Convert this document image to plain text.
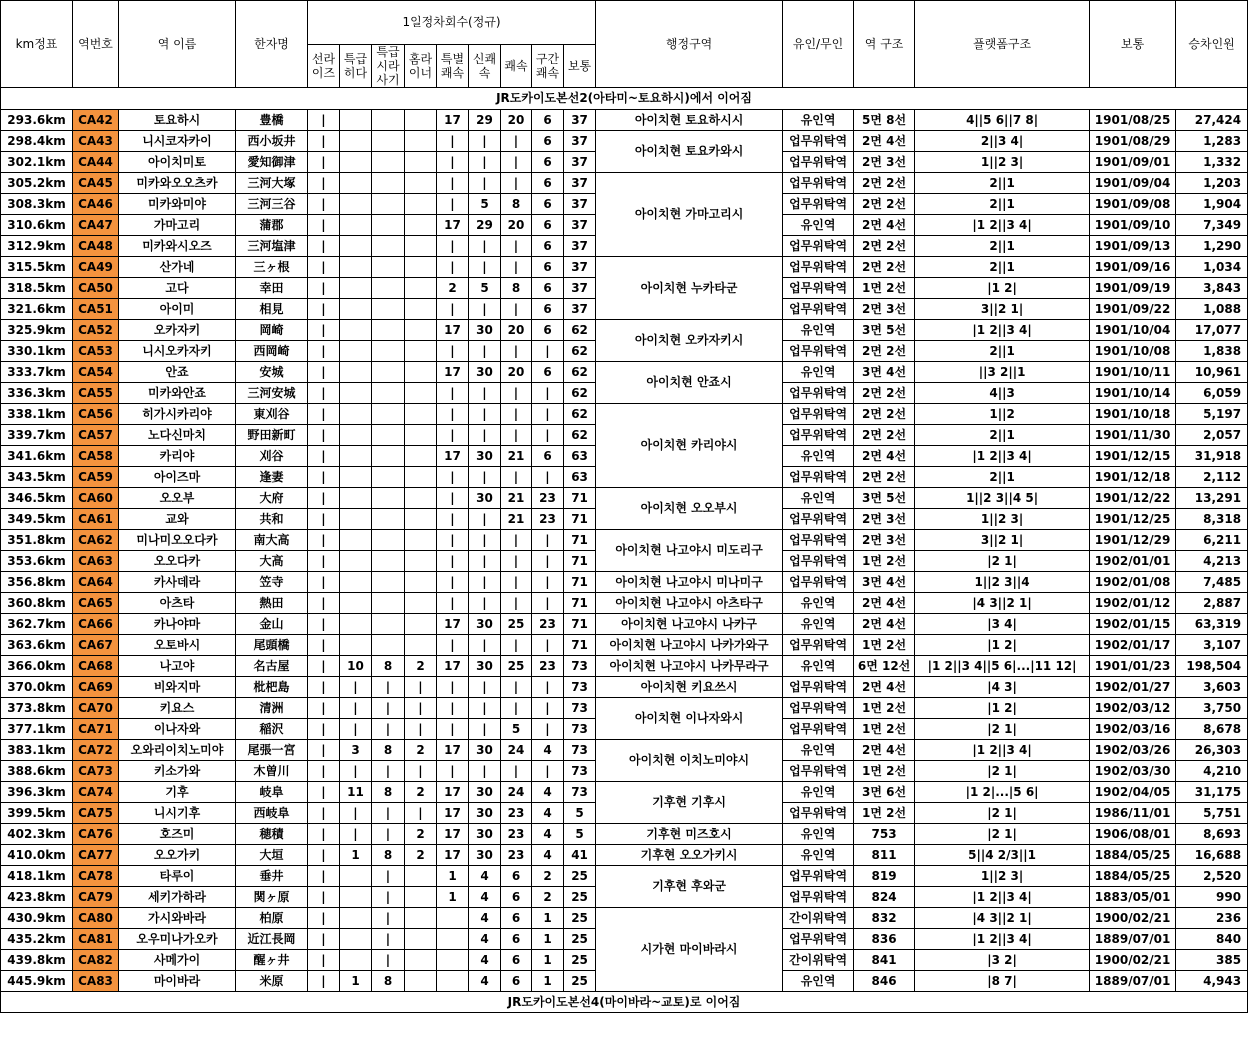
km정표	역번호	역 이름	한자명	1일정차회수(정규)									행정구역	유인/무인	역 구조	플랫폼구조	보통	승차인원
				선라이즈	특급히다	특급시라사기	홈라이너	특별쾌속	신쾌속	쾌속	구간쾌속	보통						
JR도카이도본선2(아타미~토요하시)에서 이어짐																		
293.6km	CA42	토요하시	豊橋	|				17	29	20	6	37	아이치현 토요하시시	유인역	5면 8선	4||5 6||7 8|	1901/08/25	27,424
298.4km	CA43	니시코자카이	西小坂井	|				|	|	|	6	37	아이치현 토요카와시	업무위탁역	2면 4선	2||3 4|	1901/08/29	1,283
302.1km	CA44	아이치미토	愛知御津	|				|	|	|	6	37		업무위탁역	2면 3선	1||2 3|	1901/09/01	1,332
305.2km	CA45	미카와오오츠카	三河大塚	|				|	|	|	6	37	아이치현 가마고리시	업무위탁역	2면 2선	2||1	1901/09/04	1,203
308.3km	CA46	미카와미야	三河三谷	|				|	5	8	6	37		업무위탁역	2면 2선	2||1	1901/09/08	1,904
310.6km	CA47	가마고리	蒲郡	|				17	29	20	6	37		유인역	2면 4선	|1 2||3 4|	1901/09/10	7,349
312.9km	CA48	미카와시오즈	三河塩津	|				|	|	|	6	37		업무위탁역	2면 2선	2||1	1901/09/13	1,290
315.5km	CA49	산가네	三ヶ根	|				|	|	|	6	37	아이치현 누카타군	업무위탁역	2면 2선	2||1	1901/09/16	1,034
318.5km	CA50	고다	幸田	|				2	5	8	6	37		업무위탁역	1면 2선	|1 2|	1901/09/19	3,843
321.6km	CA51	아이미	相見	|				|	|	|	6	37		업무위탁역	2면 3선	3||2 1|	1901/09/22	1,088
325.9km	CA52	오카자키	岡崎	|				17	30	20	6	62	아이치현 오카자키시	유인역	3면 5선	|1 2||3 4|	1901/10/04	17,077
330.1km	CA53	니시오카자키	西岡崎	|				|	|	|	|	62		업무위탁역	2면 2선	2||1	1901/10/08	1,838
333.7km	CA54	안죠	安城	|				17	30	20	6	62	아이치현 안죠시	유인역	3면 4선	||3 2||1	1901/10/11	10,961
336.3km	CA55	미카와안죠	三河安城	|				|	|	|	|	62		업무위탁역	2면 2선	4||3	1901/10/14	6,059
338.1km	CA56	히가시카리야	東刈谷	|				|	|	|	|	62	아이치현 카리야시	업무위탁역	2면 2선	1||2	1901/10/18	5,197
339.7km	CA57	노다신마치	野田新町	|				|	|	|	|	62		업무위탁역	2면 2선	2||1	1901/11/30	2,057
341.6km	CA58	카리야	刈谷	|				17	30	21	6	63		유인역	2면 4선	|1 2||3 4|	1901/12/15	31,918
343.5km	CA59	아이즈마	逢妻	|				|	|	|	|	63		업무위탁역	2면 2선	2||1	1901/12/18	2,112
346.5km	CA60	오오부	大府	|				|	30	21	23	71	아이치현 오오부시	유인역	3면 5선	1||2 3||4 5|	1901/12/22	13,291
349.5km	CA61	교와	共和	|				|	|	21	23	71		업무위탁역	2면 3선	1||2 3|	1901/12/25	8,318
351.8km	CA62	미나미오오다카	南大高	|				|	|	|	|	71	아이치현 나고야시 미도리구	업무위탁역	2면 3선	3||2 1|	1901/12/29	6,211
353.6km	CA63	오오다카	大高	|				|	|	|	|	71		업무위탁역	1면 2선	|2 1|	1902/01/01	4,213
356.8km	CA64	카사데라	笠寺	|				|	|	|	|	71	아이치현 나고야시 미나미구	업무위탁역	3면 4선	1||2 3||4	1902/01/08	7,485
360.8km	CA65	아츠타	熱田	|				|	|	|	|	71	아이치현 나고야시 아츠타구	유인역	2면 4선	|4 3||2 1|	1902/01/12	2,887
362.7km	CA66	카나야마	金山	|				17	30	25	23	71	아이치현 나고야시 나카구	유인역	2면 4선	|3 4|	1902/01/15	63,319
363.6km	CA67	오토바시	尾頭橋	|				|	|	|	|	71	아이치현 나고야시 나카가와구	업무위탁역	1면 2선	|1 2|	1902/01/17	3,107
366.0km	CA68	나고야	名古屋	|	10	8	2	17	30	25	23	73	아이치현 나고야시 나카무라구	유인역	6면 12선	|1 2||3 4||5 6|...|11 12|	1901/01/23	198,504
370.0km	CA69	비와지마	枇杷島	|	|	|	|	|	|	|	|	73	아이치현 키요쓰시	업무위탁역	2면 4선	|4 3|	1902/01/27	3,603
373.8km	CA70	키요스	清洲	|	|	|	|	|	|	|	|	73	아이치현 이나자와시	업무위탁역	1면 2선	|1 2|	1902/03/12	3,750
377.1km	CA71	이나자와	稲沢	|	|	|	|	|	|	5	|	73		업무위탁역	1면 2선	|2 1|	1902/03/16	8,678
383.1km	CA72	오와리이치노미야	尾張一宮	|	3	8	2	17	30	24	4	73	아이치현 이치노미야시	유인역	2면 4선	|1 2||3 4|	1902/03/26	26,303
388.6km	CA73	키소가와	木曽川	|	|	|	|	|	|	|	|	73		업무위탁역	1면 2선	|2 1|	1902/03/30	4,210
396.3km	CA74	기후	岐阜	|	11	8	2	17	30	24	4	73	기후현 기후시	유인역	3면 6선	|1 2|...|5 6|	1902/04/05	31,175
399.5km	CA75	니시기후	西岐阜	|	|	|	|	17	30	23	4	5		업무위탁역	1면 2선	|2 1|	1986/11/01	5,751
402.3km	CA76	호즈미	穂積	|	|	|	2	17	30	23	4	5	기후현 미즈호시	유인역	753	|2 1|	1906/08/01	8,693
410.0km	CA77	오오가키	大垣	|	1	8	2	17	30	23	4	41	기후현 오오가키시	유인역	811	5||4 2/3||1	1884/05/25	16,688
418.1km	CA78	타루이	垂井	|		|		1	4	6	2	25	기후현 후와군	업무위탁역	819	1||2 3|	1884/05/25	2,520
423.8km	CA79	세키가하라	関ヶ原	|		|		1	4	6	2	25		업무위탁역	824	|1 2||3 4|	1883/05/01	990
430.9km	CA80	가시와바라	柏原	|		|			4	6	1	25	시가현 마이바라시	간이위탁역	832	|4 3||2 1|	1900/02/21	236
435.2km	CA81	오우미나가오카	近江長岡	|		|			4	6	1	25		업무위탁역	836	|1 2||3 4|	1889/07/01	840
439.8km	CA82	사메가이	醒ヶ井	|		|			4	6	1	25		간이위탁역	841	|3 2|	1900/02/21	385
445.9km	CA83	마이바라	米原	|	1	8			4	6	1	25		유인역	846	|8 7|	1889/07/01	4,943
JR도카이도본선4(마이바라~교토)로 이어짐																		
